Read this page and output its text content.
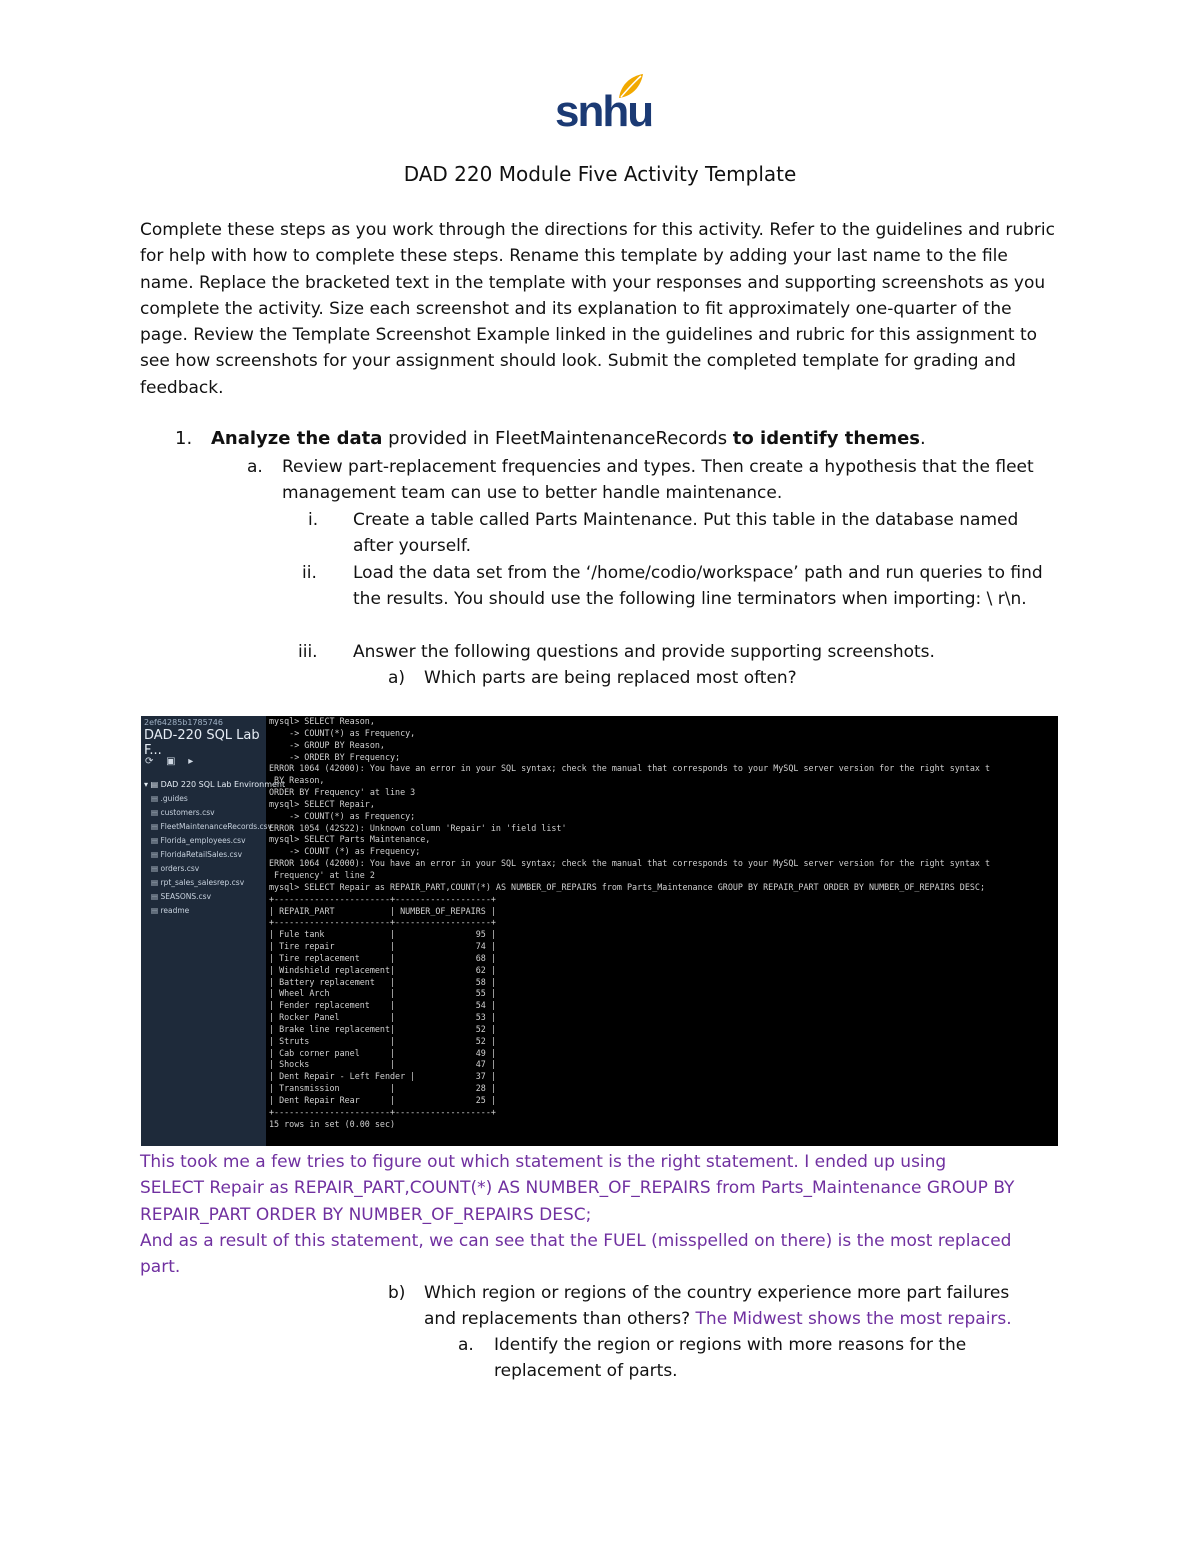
snhu
DAD 220 Module Five Activity Template
Complete these steps as you work through the directions for this activity. Refer to the guidelines and rubric for help with how to complete these steps. Rename this template by adding your last name to the file name. Replace the bracketed text in the template with your responses and supporting screenshots as you complete the activity. Size each screenshot and its explanation to fit approximately one-quarter of the page. Review the Template Screenshot Example linked in the guidelines and rubric for this assignment to see how screenshots for your assignment should look. Submit the completed template for grading and feedback.
1. Analyze the data provided in FleetMaintenanceRecords to identify themes.
a. Review part-replacement frequencies and types. Then create a hypothesis that the fleet management team can use to better handle maintenance.
i. Create a table called Parts Maintenance. Put this table in the database named after yourself.
ii. Load the data set from the ‘/home/codio/workspace’ path and run queries to find the results. You should use the following line terminators when importing: \ r\n.
iii. Answer the following questions and provide supporting screenshots.
a) Which parts are being replaced most often?
2ef64285b1785746
DAD-220 SQL Lab F...
⟳ ▣ ▸
▾ ▤ DAD 220 SQL Lab Environment
▤ .guides
▤ customers.csv
▤ FleetMaintenanceRecords.csv
▤ Florida_employees.csv
▤ FloridaRetailSales.csv
▤ orders.csv
▤ rpt_sales_salesrep.csv
▤ SEASONS.csv
▤ readme
mysql> SELECT Reason,
-> COUNT(*) as Frequency,
-> GROUP BY Reason,
-> ORDER BY Frequency;
ERROR 1064 (42000): You have an error in your SQL syntax; check the manual that corresponds to your MySQL server version for the right syntax t
BY Reason,
ORDER BY Frequency' at line 3
mysql> SELECT Repair,
-> COUNT(*) as Frequency;
ERROR 1054 (42S22): Unknown column 'Repair' in 'field list'
mysql> SELECT Parts Maintenance,
-> COUNT (*) as Frequency;
ERROR 1064 (42000): You have an error in your SQL syntax; check the manual that corresponds to your MySQL server version for the right syntax t
Frequency' at line 2
mysql> SELECT Repair as REPAIR_PART,COUNT(*) AS NUMBER_OF_REPAIRS from Parts_Maintenance GROUP BY REPAIR_PART ORDER BY NUMBER_OF_REPAIRS DESC;
+-----------------------+-------------------+
| REPAIR_PART           | NUMBER_OF_REPAIRS |
+-----------------------+-------------------+
| Fule tank             |                95 |
| Tire repair           |                74 |
| Tire replacement      |                68 |
| Windshield replacement|                62 |
| Battery replacement   |                58 |
| Wheel Arch            |                55 |
| Fender replacement    |                54 |
| Rocker Panel          |                53 |
| Brake line replacement|                52 |
| Struts                |                52 |
| Cab corner panel      |                49 |
| Shocks                |                47 |
| Dent Repair - Left Fender |            37 |
| Transmission          |                28 |
| Dent Repair Rear      |                25 |
+-----------------------+-------------------+
15 rows in set (0.00 sec)
This took me a few tries to figure out which statement is the right statement. I ended up using
SELECT Repair as REPAIR_PART,COUNT(*) AS NUMBER_OF_REPAIRS from Parts_Maintenance GROUP BY
REPAIR_PART ORDER BY NUMBER_OF_REPAIRS DESC;
And as a result of this statement, we can see that the FUEL (misspelled on there) is the most replaced
part.
b) Which region or regions of the country experience more part failures
and replacements than others? The Midwest shows the most repairs.
a. Identify the region or regions with more reasons for the
replacement of parts.
